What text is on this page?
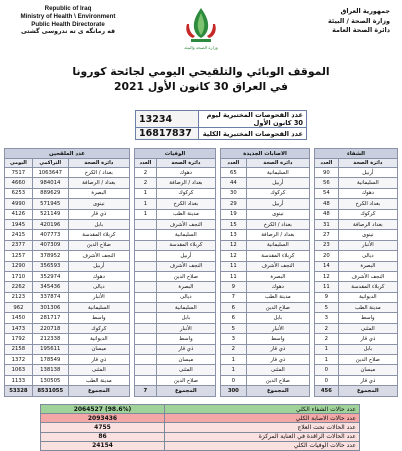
Republic of Iraq
Ministry of Health \ Environment
Public Health Directorate
قه رمانگه ى ته ندروسى گشتى
وزارة الصحة والبيئة
جمهورية العراق
وزارة الصحة / البيئة
دائرة الصحة العامة
الموقف الوبائي والتلقيحي اليومي لجائحة كورونا
في العراق 30 كانون الأول 2021
13234	عدد الفحوصات المختبرية ليوم 30 كانون الأول
16817837	عدد الفحوصات المختبرية الكلية
عدد الملقحين		
اليومي	التراكمي	دائرة الصحة
7517	1063647	بغداد / الكرخ
4660	984014	بغداد / الرصافة
6253	889629	البصرة
4990	571945	نينوى
4126	521149	ذي قار
1945	420196	بابل
2415	407773	كربلاء المقدسة
2377	407309	صلاح الدين
1257	378952	النجف الأشرف
1290	356593	أربيل
1710	352974	دهوك
2262	345436	ديالى
2123	337874	الأنبار
962	301306	السليمانية
1450	281717	واسط
1473	220718	كركوك
1792	212338	الديوانية
2158	195611	ميسان
1372	178549	ذي قار
1063	138138	المثنى
1133	130505	مدينة الطب
53328	8531055	المجموع
الوفيات	
العدد	دائرة الصحة
2	دهوك
2	بغداد / الرصافة
1	كركوك
1	بغداد الكرخ
1	مدينة الطب
	النجف الأشرف
	السليمانية
	كربلاء المقدسة
	أربيل
	النجف الأشرف
	صلاح الدين
	البصرة
	ديالى
	السليمانية
	بابل
	الأنبار
	واسط
	ذي قار
	ميسان
	المثنى
	صلاح الدين
7	المجموع
الاصابات الجديدة	
العدد	دائرة الصحة
65	السليمانية
44	أربيل
30	كركوك
29	أربيل
19	نينوى
15	بغداد / الكرخ
13	بغداد / الرصافة
12	السليمانية
12	كربلاء المقدسة
11	النجف الأشرف
11	البصرة
9	دهوك
7	مدينة الطب
6	صلاح الدين
6	بابل
5	الأنبار
3	واسط
2	ذي قار
1	ذي قار
1	المثنى
0	صلاح الدين
300	المجموع
الشفاء	
العدد	دائرة الصحة
90	أربيل
56	السليمانية
54	دهوك
48	بغداد الكرخ
48	كركوك
31	بغداد الرصافة
27	نينوى
23	الأنبار
20	ديالى
14	البصرة
12	النجف الأشرف
11	كربلاء المقدسة
9	الديوانية
5	مدينة الطب
3	واسط
2	المثنى
2	ذي قار
1	بابل
1	صلاح الدين
0	ميسان
0	ذي قار
456	المجموع
2064527 (98.6%)	عدد حالات الشفاء الكلي
2093436	عدد حالات الاصابة الكلي
4755	عدد الحالات تحت العلاج
86	عدد الحالات الراقدة في العناية المركزة
24154	عدد حالات الوفيات الكلي
